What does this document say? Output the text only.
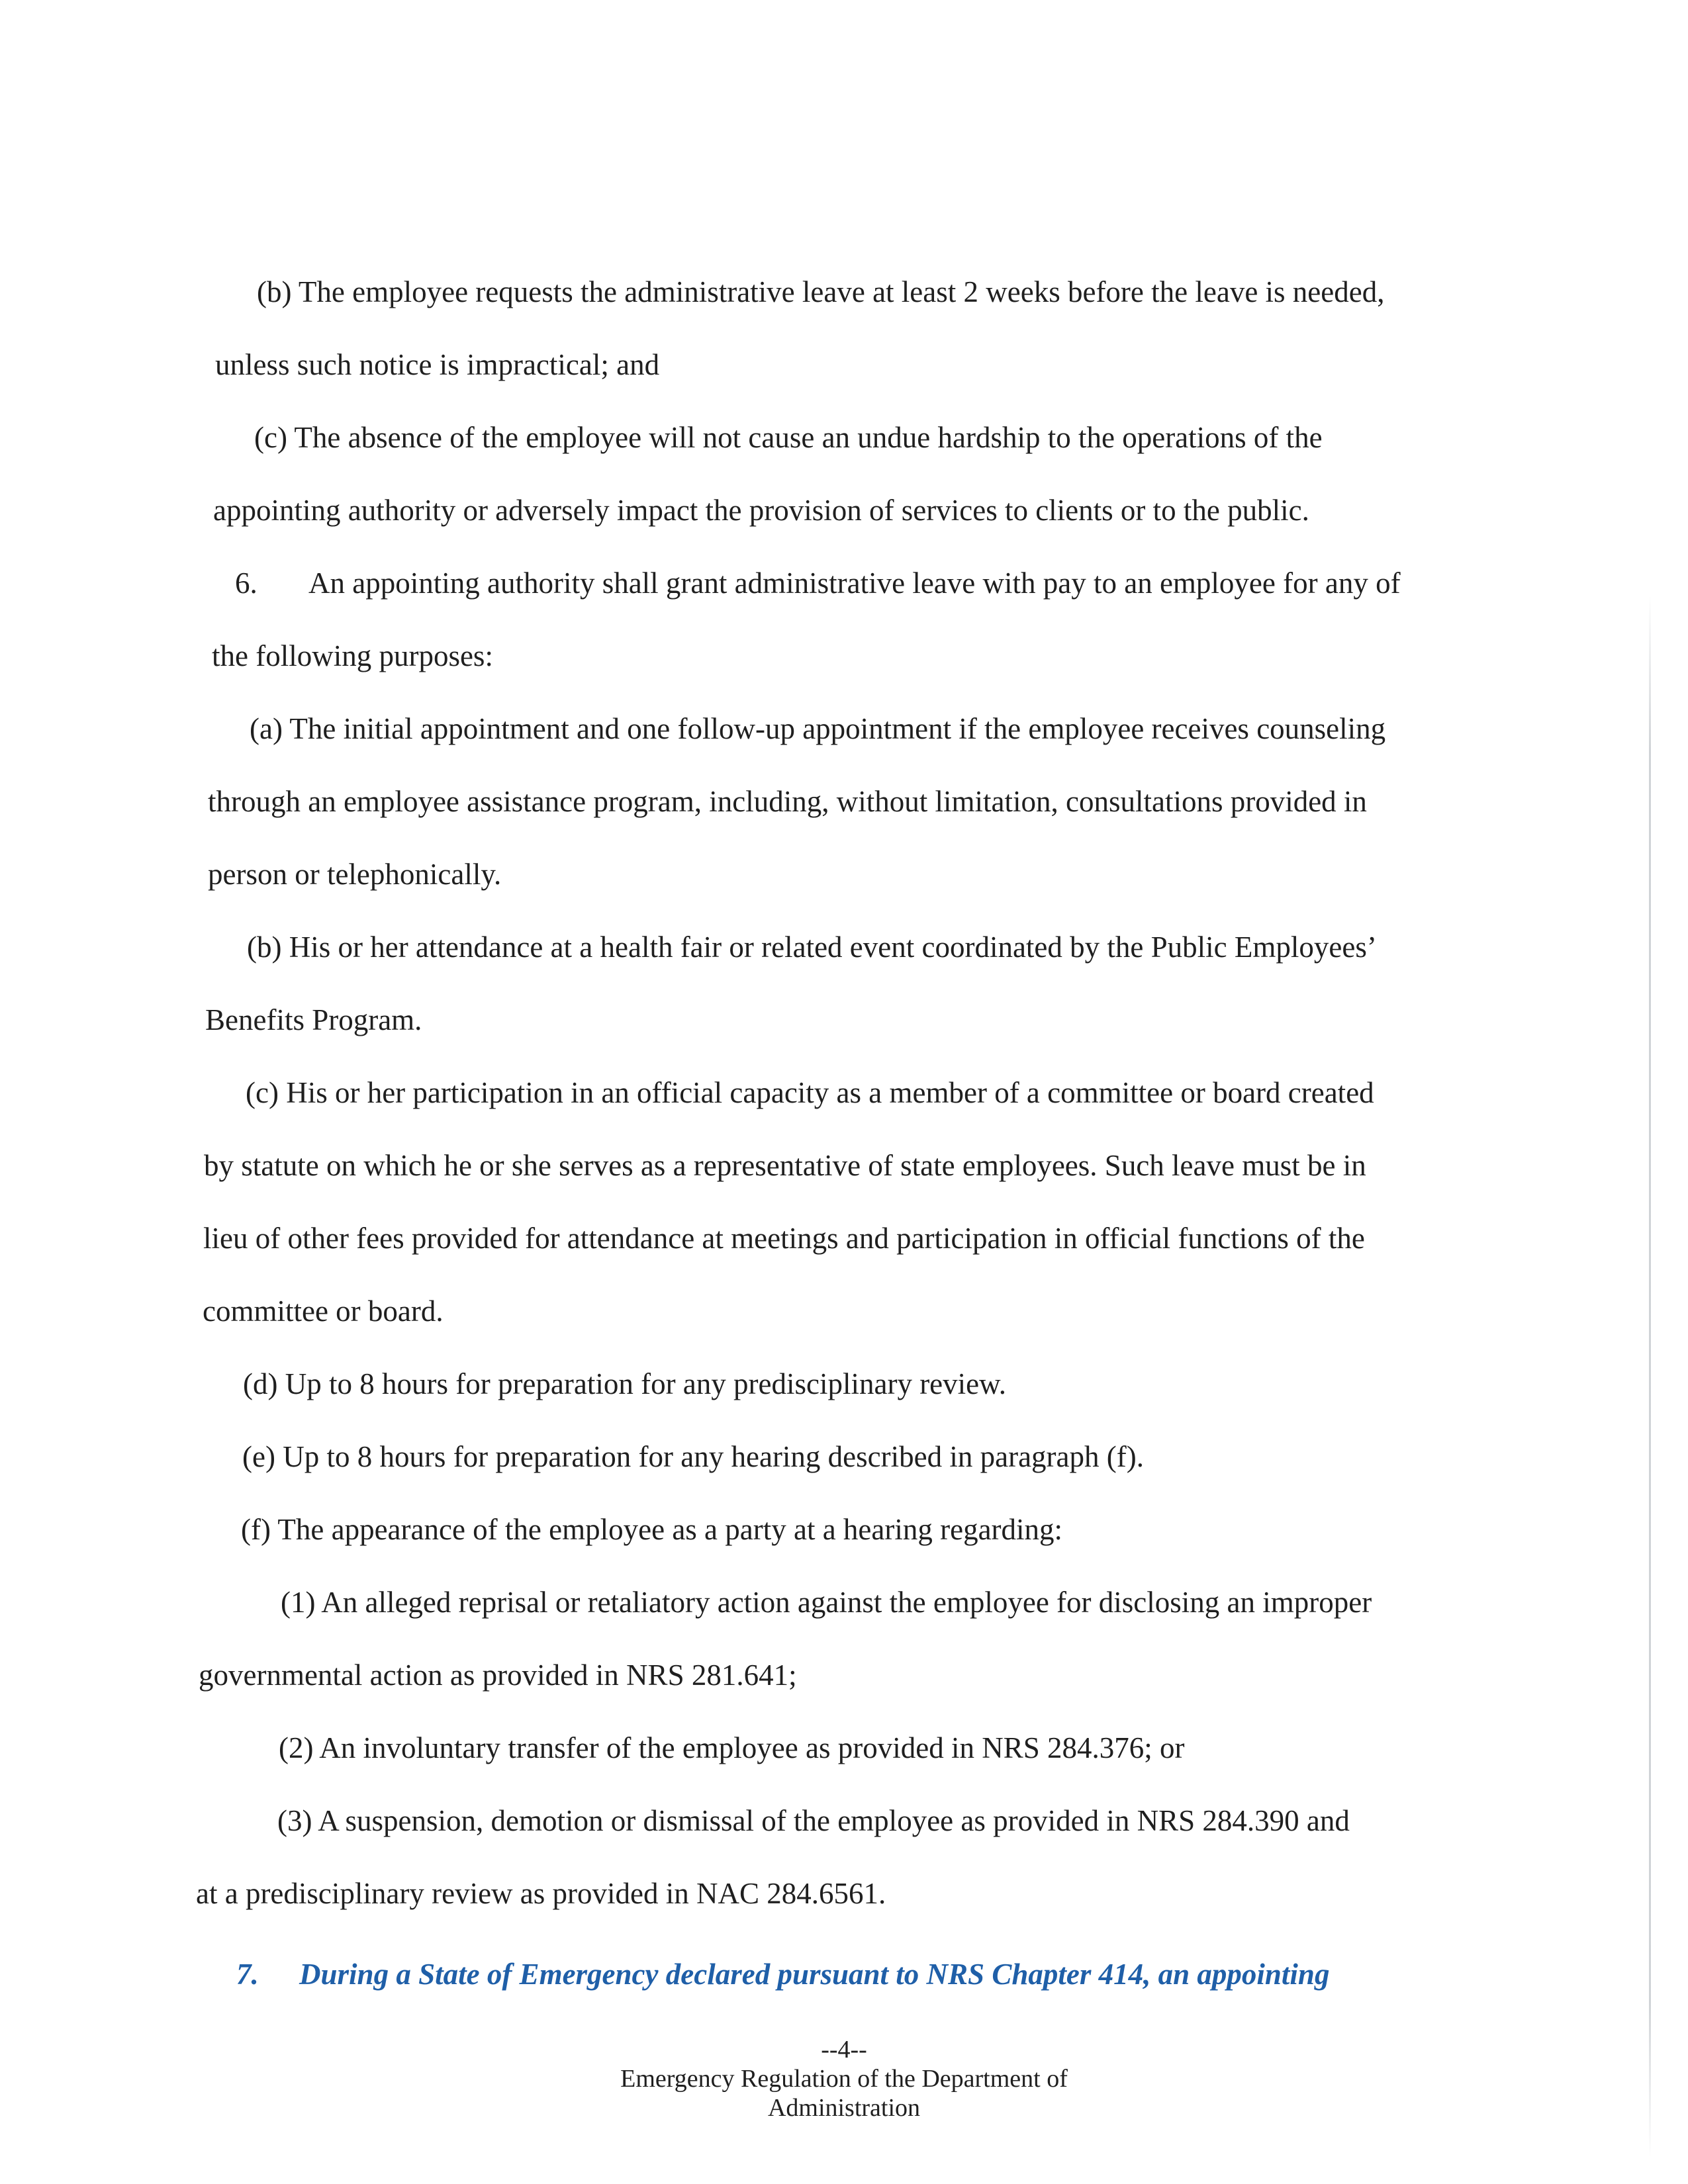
(b) The employee requests the administrative leave at least 2 weeks before the leave is needed,
unless such notice is impractical; and
(c) The absence of the employee will not cause an undue hardship to the operations of the
appointing authority or adversely impact the provision of services to clients or to the public.
6. An appointing authority shall grant administrative leave with pay to an employee for any of
the following purposes:
(a) The initial appointment and one follow-up appointment if the employee receives counseling
through an employee assistance program, including, without limitation, consultations provided in
person or telephonically.
(b) His or her attendance at a health fair or related event coordinated by the Public Employees’
Benefits Program.
(c) His or her participation in an official capacity as a member of a committee or board created
by statute on which he or she serves as a representative of state employees. Such leave must be in
lieu of other fees provided for attendance at meetings and participation in official functions of the
committee or board.
(d) Up to 8 hours for preparation for any predisciplinary review.
(e) Up to 8 hours for preparation for any hearing described in paragraph (f).
(f) The appearance of the employee as a party at a hearing regarding:
(1) An alleged reprisal or retaliatory action against the employee for disclosing an improper
governmental action as provided in NRS 281.641;
(2) An involuntary transfer of the employee as provided in NRS 284.376; or
(3) A suspension, demotion or dismissal of the employee as provided in NRS 284.390 and
at a predisciplinary review as provided in NAC 284.6561.
7. During a State of Emergency declared pursuant to NRS Chapter 414, an appointing
--4--
Emergency Regulation of the Department of
Administration
